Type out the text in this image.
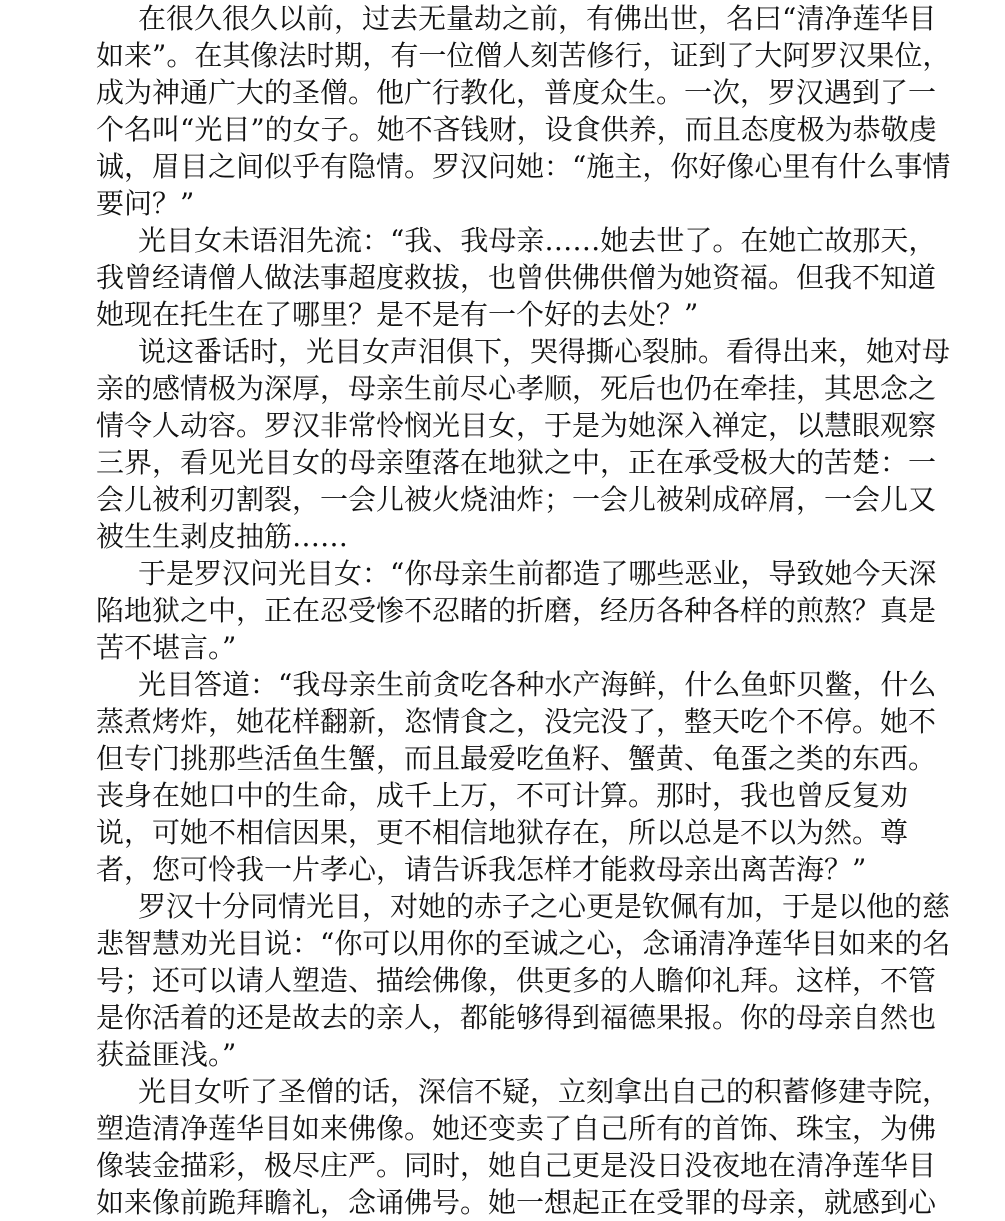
在很久很久以前，过去无量劫之前，有佛出世，名曰“清净莲华目
如来”。在其像法时期，有一位僧人刻苦修行，证到了大阿罗汉果位，
成为神通广大的圣僧。他广行教化，普度众生。一次，罗汉遇到了一
个名叫“光目”的女子。她不吝钱财，设食供养，而且态度极为恭敬虔
诚，眉目之间似乎有隐情。罗汉问她：“施主，你好像心里有什么事情
要问？”
光目女未语泪先流：“我、我母亲……她去世了。在她亡故那天，
我曾经请僧人做法事超度救拔，也曾供佛供僧为她资福。但我不知道
她现在托生在了哪里？是不是有一个好的去处？”
说这番话时，光目女声泪俱下，哭得撕心裂肺。看得出来，她对母
亲的感情极为深厚，母亲生前尽心孝顺，死后也仍在牵挂，其思念之
情令人动容。罗汉非常怜悯光目女，于是为她深入禅定，以慧眼观察
三界，看见光目女的母亲堕落在地狱之中，正在承受极大的苦楚：一
会儿被利刃割裂，一会儿被火烧油炸；一会儿被剁成碎屑，一会儿又
被生生剥皮抽筋……
于是罗汉问光目女：“你母亲生前都造了哪些恶业，导致她今天深
陷地狱之中，正在忍受惨不忍睹的折磨，经历各种各样的煎熬？真是
苦不堪言。”
光目答道：“我母亲生前贪吃各种水产海鲜，什么鱼虾贝鳖，什么
蒸煮烤炸，她花样翻新，恣情食之，没完没了，整天吃个不停。她不
但专门挑那些活鱼生蟹，而且最爱吃鱼籽、蟹黄、龟蛋之类的东西。
丧身在她口中的生命，成千上万，不可计算。那时，我也曾反复劝
说，可她不相信因果，更不相信地狱存在，所以总是不以为然。尊
者，您可怜我一片孝心，请告诉我怎样才能救母亲出离苦海？”
罗汉十分同情光目，对她的赤子之心更是钦佩有加，于是以他的慈
悲智慧劝光目说：“你可以用你的至诚之心，念诵清净莲华目如来的名
号；还可以请人塑造、描绘佛像，供更多的人瞻仰礼拜。这样，不管
是你活着的还是故去的亲人，都能够得到福德果报。你的母亲自然也
获益匪浅。”
光目女听了圣僧的话，深信不疑，立刻拿出自己的积蓄修建寺院，
塑造清净莲华目如来佛像。她还变卖了自己所有的首饰、珠宝，为佛
像装金描彩，极尽庄严。同时，她自己更是没日没夜地在清净莲华目
如来像前跪拜瞻礼，念诵佛号。她一想起正在受罪的母亲，就感到心
